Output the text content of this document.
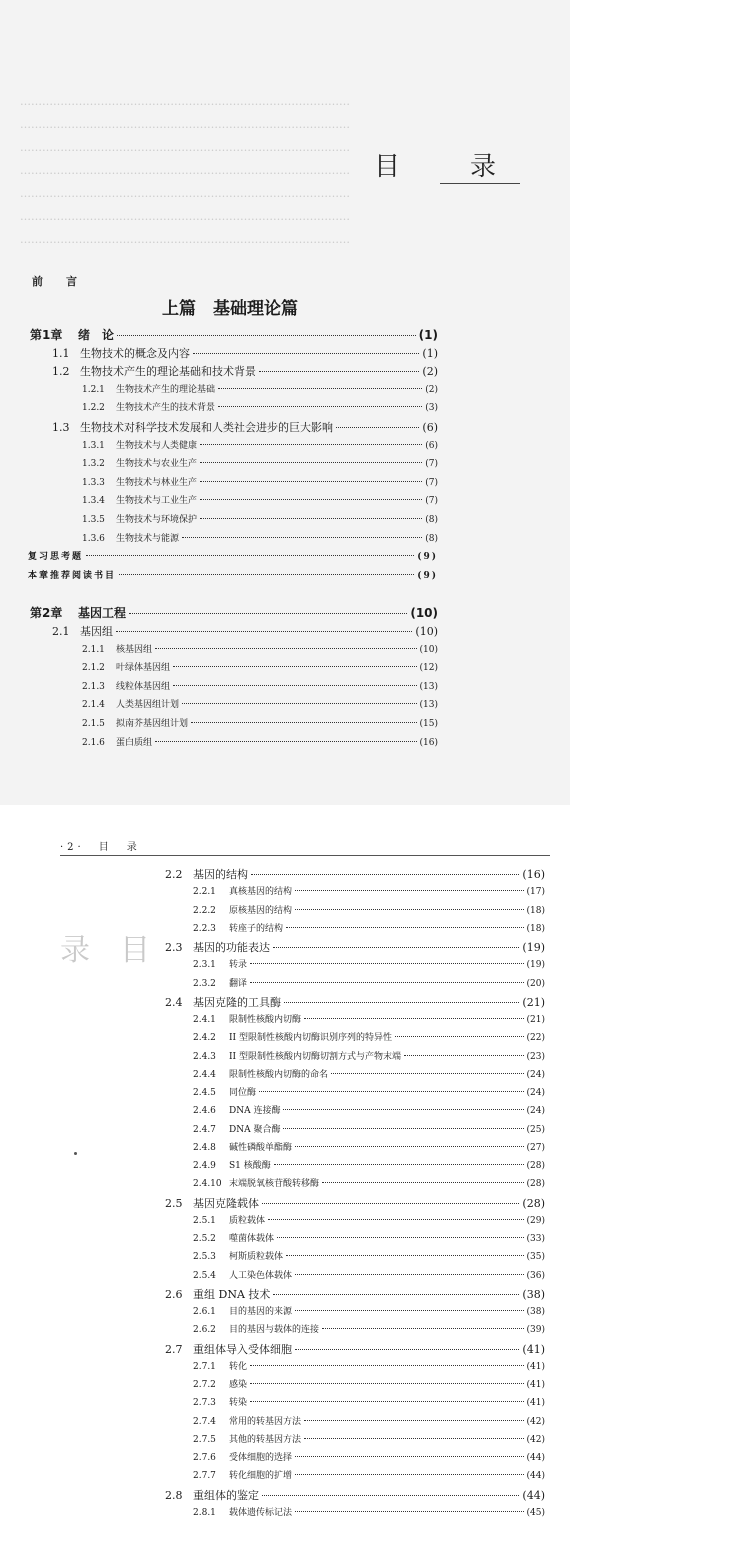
………………………………………………………………………………
………………………………………………………………………………
………………………………………………………………………………
………………………………………………………………………………
………………………………………………………………………………
………………………………………………………………………………
………………………………………………………………………………
目　录
前　言
上篇　基础理论篇
第1章	绪　论	(1)
1.1 生物技术的概念及内容	(1)
1.2 生物技术产生的理论基础和技术背景	(2)
1.2.1	生物技术产生的理论基础	(2)
1.2.2	生物技术产生的技术背景	(3)
1.3 生物技术对科学技术发展和人类社会进步的巨大影响	(6)
1.3.1	生物技术与人类健康	(6)
1.3.2	生物技术与农业生产	(7)
1.3.3	生物技术与林业生产	(7)
1.3.4	生物技术与工业生产	(7)
1.3.5	生物技术与环境保护	(8)
1.3.6	生物技术与能源	(8)
复习思考题	(9)
本章推荐阅读书目	(9)
第2章	基因工程	(10)
2.1 基因组	(10)
2.1.1	核基因组	(10)
2.1.2	叶绿体基因组	(12)
2.1.3	线粒体基因组	(13)
2.1.4	人类基因组计划	(13)
2.1.5	拟南芥基因组计划	(15)
2.1.6	蛋白质组	(16)
录　目
2.2 基因的结构	(16)
2.2.1	真核基因的结构	(17)
2.2.2	原核基因的结构	(18)
2.2.3	转座子的结构	(18)
2.3 基因的功能表达	(19)
2.3.1	转录	(19)
2.3.2	翻译	(20)
2.4 基因克隆的工具酶	(21)
2.4.1	限制性核酸内切酶	(21)
2.4.2	II 型限制性核酸内切酶识别序列的特异性	(22)
2.4.3	II 型限制性核酸内切酶切割方式与产物末端	(23)
2.4.4	限制性核酸内切酶的命名	(24)
2.4.5	同位酶	(24)
2.4.6	DNA 连接酶	(24)
2.4.7	DNA 聚合酶	(25)
2.4.8	碱性磷酸单酯酶	(27)
2.4.9	S1 核酸酶	(28)
2.4.10 末端脱氧核苷酸转移酶	(28)
2.5 基因克隆载体	(28)
2.5.1	质粒载体	(29)
2.5.2	噬菌体载体	(33)
2.5.3	柯斯质粒载体	(35)
2.5.4	人工染色体载体	(36)
2.6 重组 DNA 技术	(38)
2.6.1	目的基因的来源	(38)
2.6.2	目的基因与载体的连接	(39)
2.7 重组体导入受体细胞	(41)
2.7.1	转化	(41)
2.7.2	感染	(41)
2.7.3	转染	(41)
2.7.4	常用的转基因方法	(42)
2.7.5	其他的转基因方法	(42)
2.7.6	受体细胞的选择	(44)
2.7.7	转化细胞的扩增	(44)
2.8 重组体的鉴定	(44)
2.8.1	载体遗传标记法	(45)
·2·　目　录
